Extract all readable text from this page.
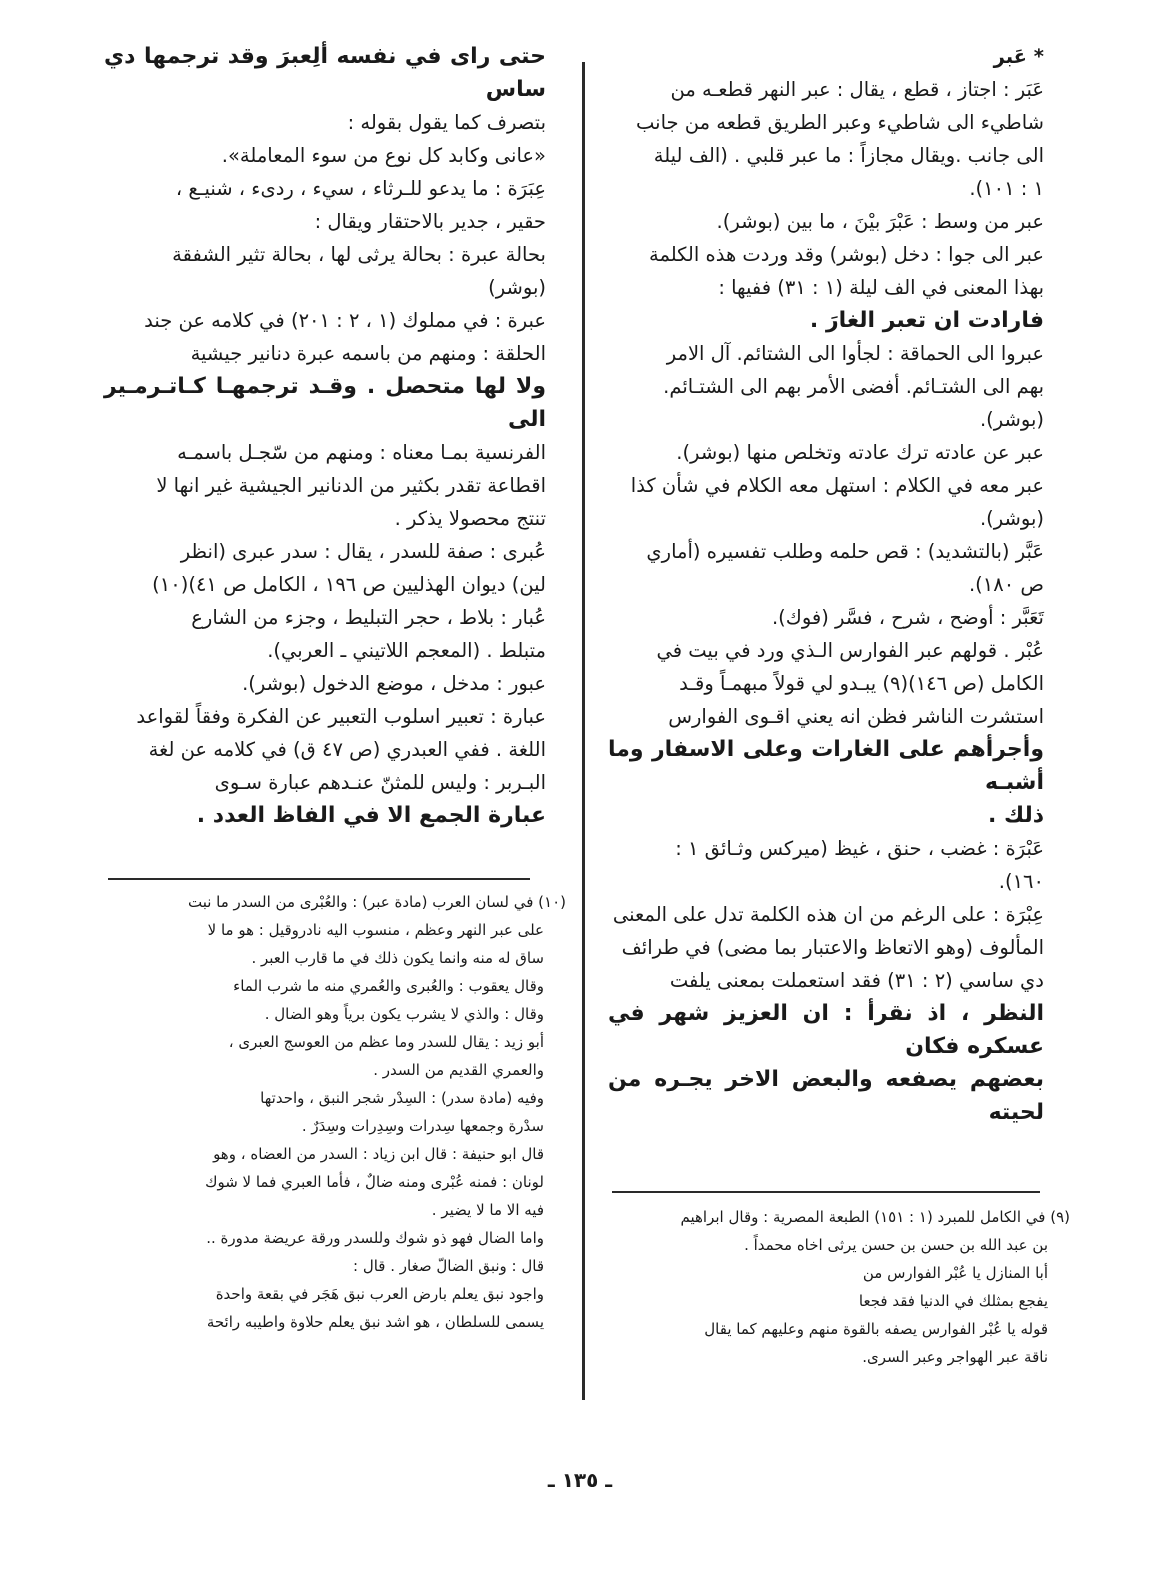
* عَبر

عَبَر : اجتاز ، قطع ، يقال : عبر النهر قطعـه من

شاطيء الى شاطيء وعبر الطريق قطعه من جانب

الى جانب .ويقال مجازاً : ما عبر قلبي . (الف ليلة

١ : ١٠١).

عبر من وسط : عَبْرَ بيْنَ ، ما بين (بوشر).

عبر الى جوا : دخل (بوشر) وقد وردت هذه الكلمة

بهذا المعنى في الف ليلة (١ : ٣١) ففيها :

فارادت ان تعبر الغارَ .

عبروا الى الحماقة : لجأوا الى الشتائم. آل الامر

بهم الى الشتـائم. أفضى الأمر بهم الى الشتـائم.

(بوشر).

عبر عن عادته ترك عادته وتخلص منها (بوشر).

عبر معه في الكلام : استهل معه الكلام في شأن كذا

(بوشر).

عَبَّر (بالتشديد) : قص حلمه وطلب تفسيره (أماري

ص ١٨٠).

تَعَبَّر : أوضح ، شرح ، فسَّر (فوك).

عُبْر . قولهم عبر الفوارس الـذي ورد في بيت في

الكامل (ص ١٤٦)(٩) يبـدو لي قولاً مبهمـاً وقـد

استشرت الناشر فظن انه يعني اقـوى الفوارس

وأجرأهم على الغارات وعلى الاسفار وما أشبـه

ذلك .

عَبْرَة : غضب ، حنق ، غيظ (ميركس وثـائق ١ :

١٦٠).

عِبْرَة : على الرغم من ان هذه الكلمة تدل على المعنى

المألوف (وهو الاتعاظ والاعتبار بما مضى) في طرائف

دي ساسي (٢ : ٣١) فقد استعملت بمعنى يلفت

النظر ، اذ نقرأ : ان العزيز شهر في عسكره فكان

بعضهم يصفعه والبعض الاخر يجـره من لحيته

حتى راى في نفسه ألِعبرَ وقد ترجمها دي ساس

بتصرف كما يقول بقوله :

«عانى وكابد كل نوع من سوء المعاملة».

عِبَرَة : ما يدعو للـرثاء ، سيء ، ردىء ، شنيـع ،

حقير ، جدير بالاحتقار ويقال :

بحالة عبرة : بحالة يرثى لها ، بحالة تثير الشفقة

(بوشر)

عبرة : في مملوك (١ ، ٢ : ٢٠١) في كلامه عن جند

الحلقة : ومنهم من باسمه عبرة دنانير جيشية

ولا لها متحصل . وقـد ترجمهـا كـاتـرمـير الى

الفرنسية بمـا معناه : ومنهم من سّجـل باسمـه

اقطاعة تقدر بكثير من الدنانير الجيشية غير انها لا

تنتج محصولا يذكر .

عُبرى : صفة للسدر ، يقال : سدر عبرى (انظر

لين) ديوان الهذليين ص ١٩٦ ، الكامل ص ٤١)(١٠)

عُبار : بلاط ، حجر التبليط ، وجزء من الشارع

متبلط . (المعجم اللاتيني ـ العربي).

عبور : مدخل ، موضع الدخول (بوشر).

عبارة : تعبير اسلوب التعبير عن الفكرة وفقاً لقواعد

اللغة . ففي العبدري (ص ٤٧ ق) في كلامه عن لغة

البـربر : وليس للمثنّ عنـدهم عبارة سـوى

عبارة الجمع الا في الفاظ العدد .

(١٠) في لسان العرب (مادة عبر) : والعُبْرى من السدر ما نبت

على عبر النهر وعظم ، منسوب اليه نادروقيل : هو ما لا

ساق له منه وانما يكون ذلك في ما قارب العبر .

وقال يعقوب : والعُبرى والعُمري منه ما شرب الماء

وقال : والذي لا يشرب يكون برياً وهو الضال .

أبو زيد : يقال للسدر وما عظم من العوسج العبرى ،

والعمري القديم من السدر .

وفيه (مادة سدر) : السِدْر شجر النبق ، واحدتها

سدْرة وجمعها سِدرات وسِدِرات وسِدَرٌ .

قال ابو حنيفة : قال ابن زياد : السدر من العضاه ، وهو

لونان : فمنه عُبْرى ومنه ضالٌ ، فأما العبري فما لا شوك

فيه الا ما لا يضير .

واما الضال فهو ذو شوك وللسدر ورقة عريضة مدورة ..

قال : ونبق الضالّ صغار . قال :

واجود نبق يعلم بارض العرب نبق هَجَر في بقعة واحدة

يسمى للسلطان ، هو اشد نبق يعلم حلاوة واطيبه رائحة

(٩) في الكامل للمبرد (١ : ١٥١) الطبعة المصرية : وقال ابراهيم

بن عبد الله بن حسن بن حسن يرثى اخاه محمداً .

أبا المنازل يا عُبْر الفوارس من

يفجع بمثلك في الدنيا فقد فجعا

قوله يا عُبْر الفوارس يصفه بالقوة منهم وعليهم كما يقال

ناقة عبر الهواجر وعبر السرى.

ـ ١٣٥ ـ
